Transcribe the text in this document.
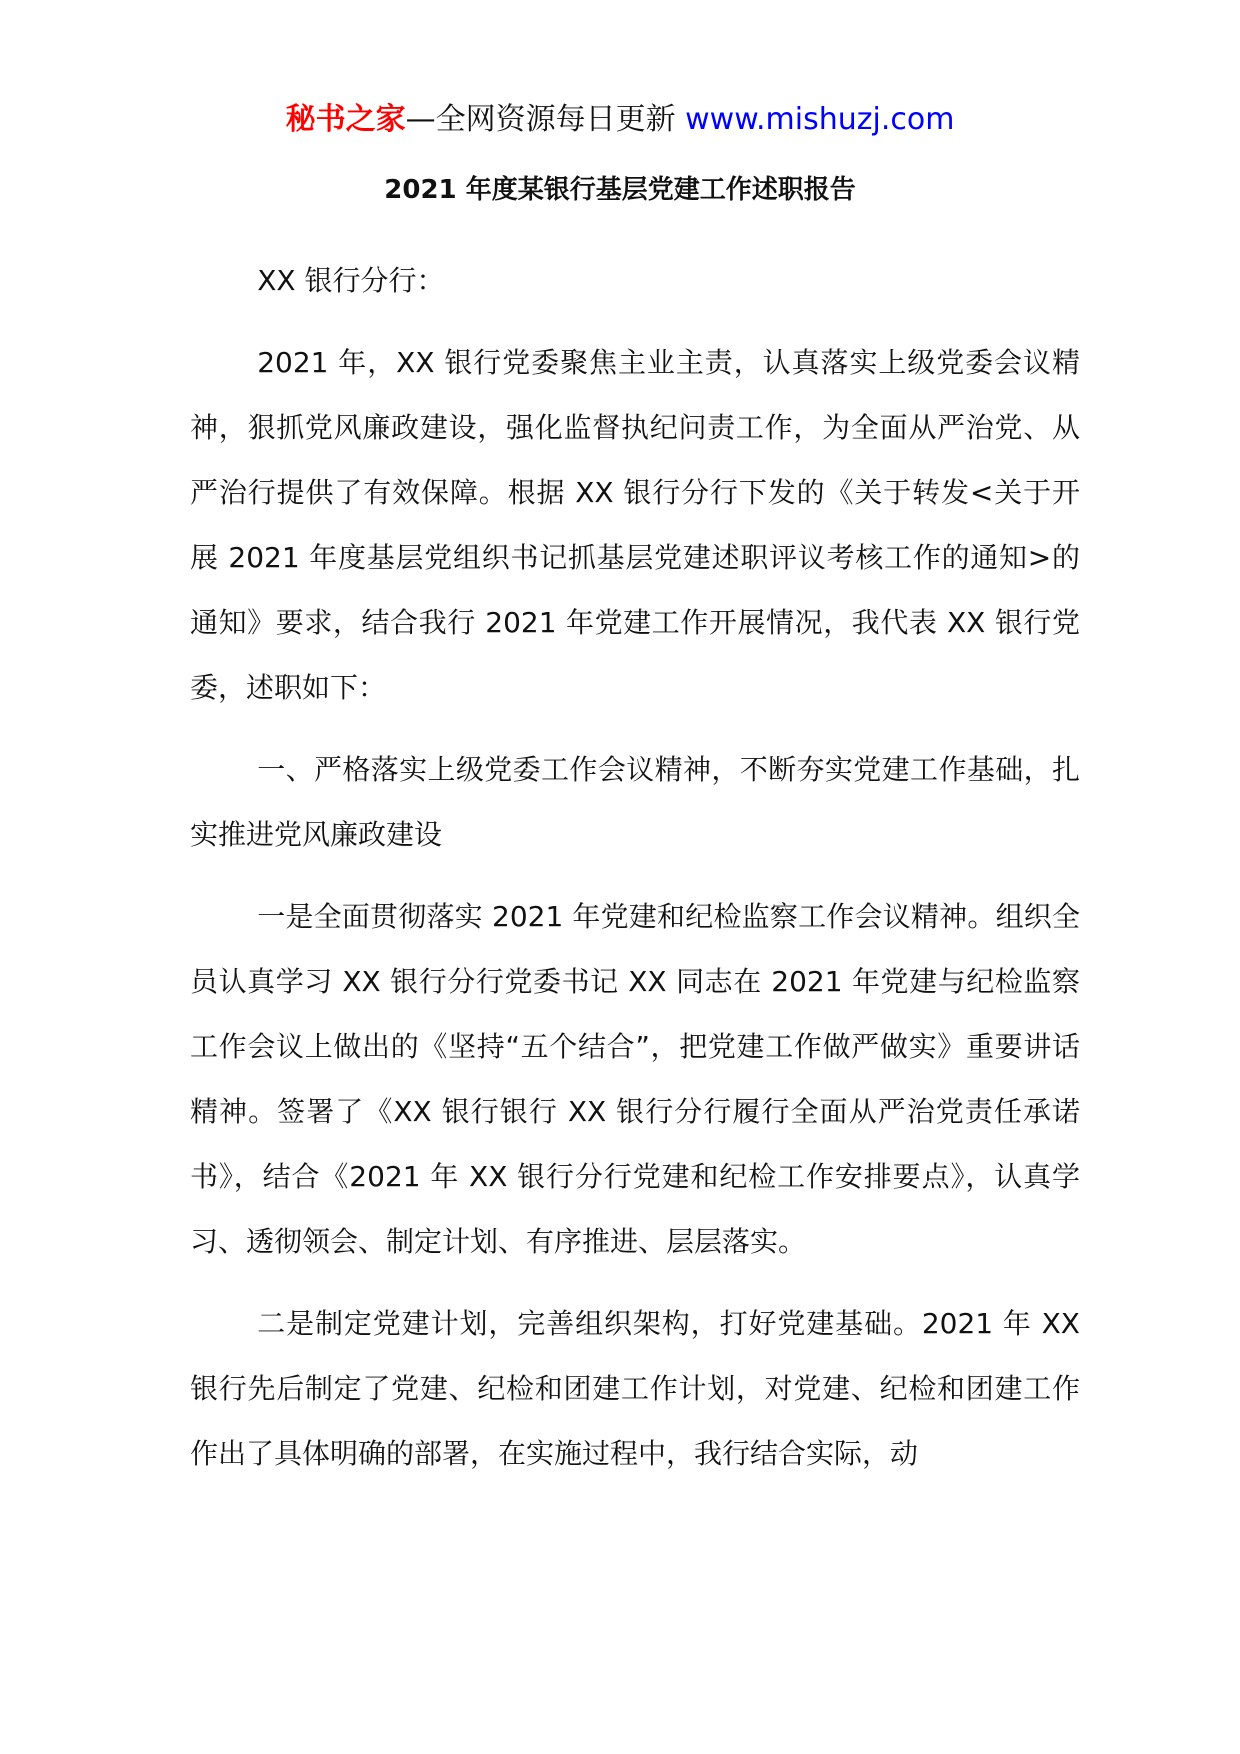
秘书之家—全网资源每日更新 www.mishuzj.com
2021 年度某银行基层党建工作述职报告

XX 银行分行：

2021 年，XX 银行党委聚焦主业主责，认真落实上级党委会议精神，狠抓党风廉政建设，强化监督执纪问责工作，为全面从严治党、从严治行提供了有效保障。根据 XX 银行分行下发的《关于转发<关于开展 2021 年度基层党组织书记抓基层党建述职评议考核工作的通知>的通知》要求，结合我行 2021 年党建工作开展情况，我代表 XX 银行党委，述职如下：

一、严格落实上级党委工作会议精神，不断夯实党建工作基础，扎实推进党风廉政建设

一是全面贯彻落实 2021 年党建和纪检监察工作会议精神。组织全员认真学习 XX 银行分行党委书记 XX 同志在 2021 年党建与纪检监察工作会议上做出的《坚持“五个结合”，把党建工作做严做实》重要讲话精神。签署了《XX 银行银行 XX 银行分行履行全面从严治党责任承诺书》，结合《2021 年 XX 银行分行党建和纪检工作安排要点》，认真学习、透彻领会、制定计划、有序推进、层层落实。

二是制定党建计划，完善组织架构，打好党建基础。2021 年 XX 银行先后制定了党建、纪检和团建工作计划，对党建、纪检和团建工作作出了具体明确的部署，在实施过程中，我行结合实际，动
